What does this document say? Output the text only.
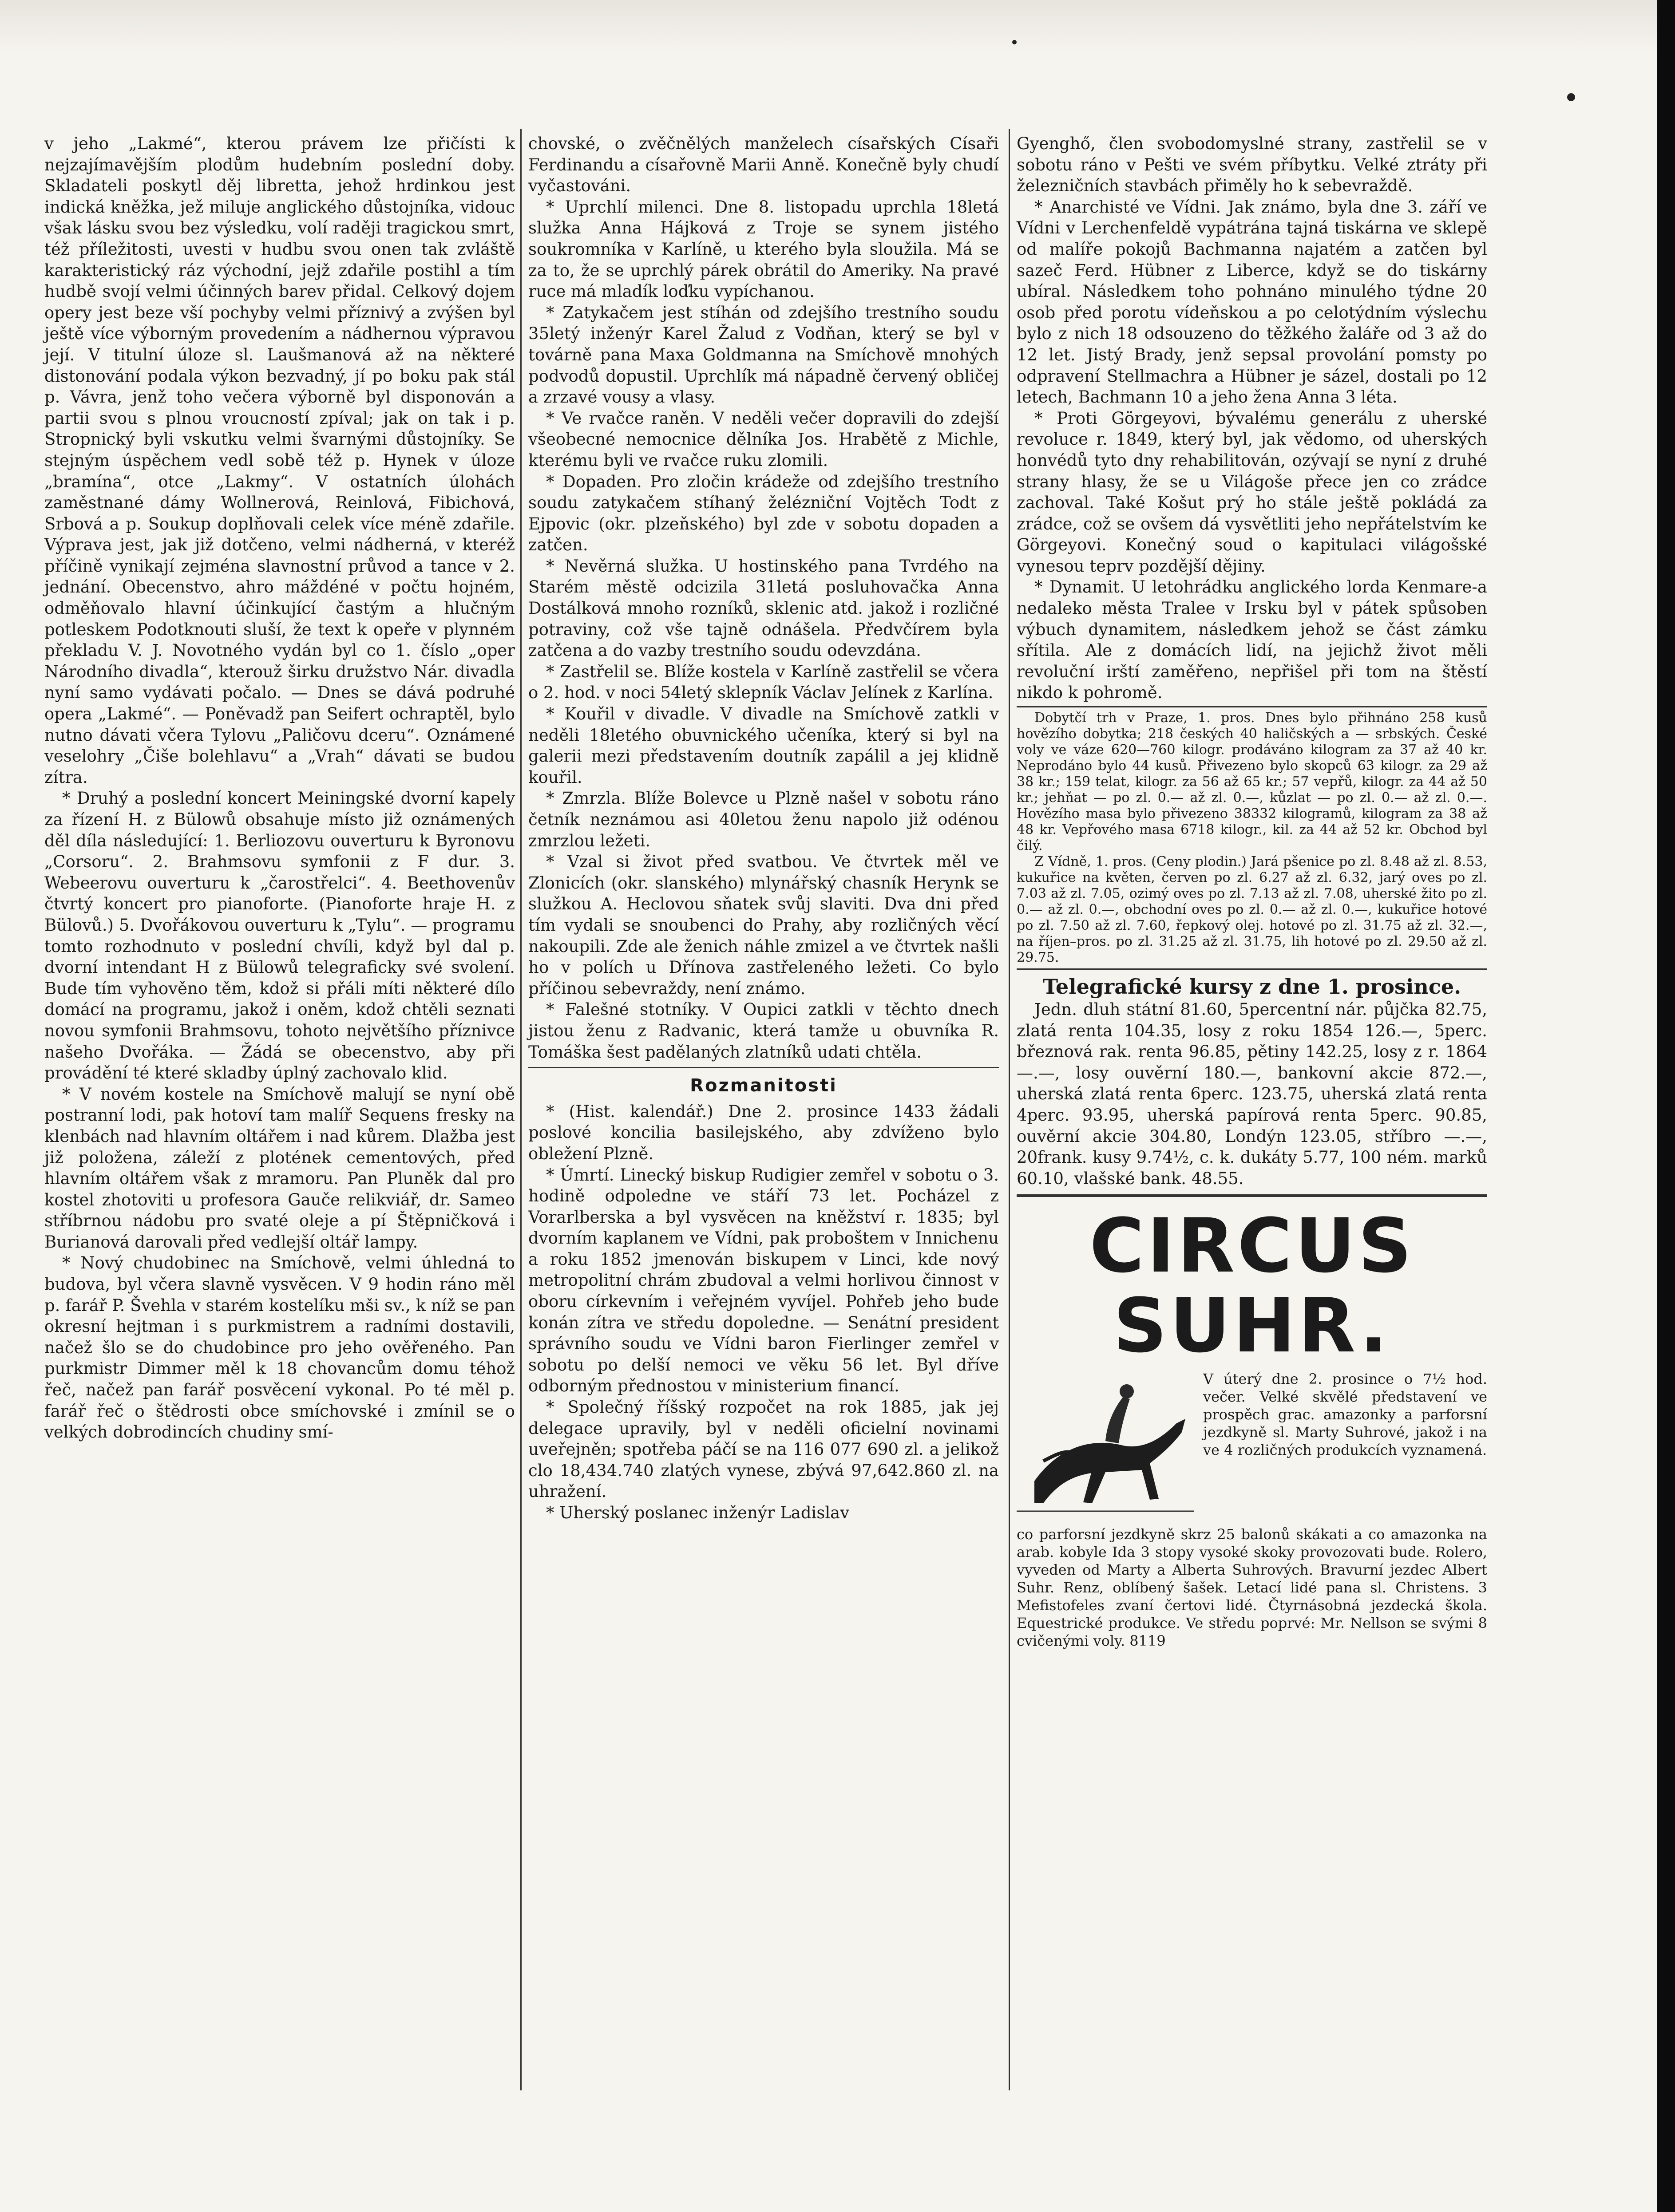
v jeho „Lakmé“, kterou právem lze přičísti k nejzajímavějším plodům hudebním poslední doby. Skladateli poskytl děj libretta, jehož hrdinkou jest indická kněžka, jež miluje anglického důstojníka, vidouc však lásku svou bez výsledku, volí raději tragickou smrt, též příležitosti, uvesti v hudbu svou onen tak zvláště karakteristický ráz východní, jejž zdařile postihl a tím hudbě svojí velmi účinných barev přidal. Celkový dojem opery jest beze vší pochyby velmi příznivý a zvýšen byl ještě více výborným provedením a nádhernou výpravou její. V titulní úloze sl. Laušmanová až na některé distonování podala výkon bezvadný, jí po boku pak stál p. Vávra, jenž toho večera výborně byl disponován a partii svou s plnou vroucností zpíval; jak on tak i p. Stropnický byli vskutku velmi švarnými důstojníky. Se stejným úspěchem vedl sobě též p. Hynek v úloze „bramína“, otce „Lakmy“. V ostatních úlohách zaměstnané dámy Wollnerová, Reinlová, Fibichová, Srbová a p. Soukup doplňovali celek více méně zdařile. Výprava jest, jak již dotčeno, velmi nádherná, v kteréž příčině vynikají zejména slavnostní průvod a tance v 2. jednání. Obecenstvo, ahro máždéné v počtu hojném, odměňovalo hlavní účinkující častým a hlučným potleskem Podotknouti sluší, že text k opeře v plynném překladu V. J. Novotného vydán byl co 1. číslo „oper Národního divadla“, kterouž širku družstvo Nár. divadla nyní samo vydávati počalo. — Dnes se dává podruhé opera „Lakmé“. — Poněvadž pan Seifert ochraptěl, bylo nutno dávati včera Tylovu „Paličovu dceru“. Oznámené veselohry „Čiše bolehlavu“ a „Vrah“ dávati se budou zítra.

* Druhý a poslední koncert Meiningské dvorní kapely za řízení H. z Bülowů obsahuje místo již oznámených děl díla následující: 1. Berliozovu ouverturu k Byronovu „Corsoru“. 2. Brahmsovu symfonii z F dur. 3. Webeerovu ouverturu k „čarostřelci“. 4. Beethovenův čtvrtý koncert pro pianoforte. (Pianoforte hraje H. z Bülovů.) 5. Dvořákovou ouverturu k „Tylu“. — programu tomto rozhodnuto v poslední chvíli, když byl dal p. dvorní intendant H z Bülowů telegraficky své svolení. Bude tím vyhověno těm, kdož si přáli míti některé dílo domácí na programu, jakož i oněm, kdož chtěli seznati novou symfonii Brahmsovu, tohoto největšího příznivce našeho Dvořáka. — Žádá se obecenstvo, aby při provádění té které skladby úplný zachovalo klid.

* V novém kostele na Smíchově malují se nyní obě postranní lodi, pak hotoví tam malíř Sequens fresky na klenbách nad hlavním oltářem i nad kůrem. Dlažba jest již položena, záleží z plotének cementových, před hlavním oltářem však z mramoru. Pan Pluněk dal pro kostel zhotoviti u profesora Gauče relikviář, dr. Sameo stříbrnou nádobu pro svaté oleje a pí Štěpničková i Burianová darovali před vedlejší oltář lampy.

* Nový chudobinec na Smíchově, velmi úhledná to budova, byl včera slavně vysvěcen. V 9 hodin ráno měl p. farář P. Švehla v starém kostelíku mši sv., k níž se pan okresní hejtman i s purkmistrem a radními dostavili, načež šlo se do chudobince pro jeho ověřeného. Pan purkmistr Dimmer měl k 18 chovancům domu téhož řeč, načež pan farář posvěcení vykonal. Po té měl p. farář řeč o štědrosti obce smíchovské i zmínil se o velkých dobrodincích chudiny smí-

chovské, o zvěčnělých manželech císařských Císaři Ferdinandu a císařovně Marii Anně. Konečně byly chudí vyčastováni.

* Uprchlí milenci. Dne 8. listopadu uprchla 18letá služka Anna Hájková z Troje se synem jistého soukromníka v Karlíně, u kterého byla sloužila. Má se za to, že se uprchlý párek obrátil do Ameriky. Na pravé ruce má mladík loďku vypíchanou.

* Zatykačem jest stíhán od zdejšího trestního soudu 35letý inženýr Karel Žalud z Vodňan, který se byl v továrně pana Maxa Goldmanna na Smíchově mnohých podvodů dopustil. Uprchlík má nápadně červený obličej a zrzavé vousy a vlasy.

* Ve rvačce raněn. V neděli večer dopravili do zdejší všeobecné nemocnice dělníka Jos. Hrabětě z Michle, kterému byli ve rvačce ruku zlomili.

* Dopaden. Pro zločin krádeže od zdejšího trestního soudu zatykačem stíhaný želézniční Vojtěch Todt z Ejpovic (okr. plzeňského) byl zde v sobotu dopaden a zatčen.

* Nevěrná služka. U hostinského pana Tvrdého na Starém městě odcizila 31letá posluhovačka Anna Dostálková mnoho rozníků, sklenic atd. jakož i rozličné potraviny, což vše tajně odnášela. Předvčírem byla zatčena a do vazby trestního soudu odevzdána.

* Zastřelil se. Blíže kostela v Karlíně zastřelil se včera o 2. hod. v noci 54letý sklepník Václav Jelínek z Karlína.

* Kouřil v divadle. V divadle na Smíchově zatkli v neděli 18letého obuvnického učeníka, který si byl na galerii mezi představením doutník zapálil a jej klidně kouřil.

* Zmrzla. Blíže Bolevce u Plzně našel v sobotu ráno četník neznámou asi 40letou ženu napolo již odénou zmrzlou ležeti.

* Vzal si život před svatbou. Ve čtvrtek měl ve Zlonicích (okr. slanského) mlynářský chasník Herynk se služkou A. Heclovou sňatek svůj slaviti. Dva dni před tím vydali se snoubenci do Prahy, aby rozličných věcí nakoupili. Zde ale ženich náhle zmizel a ve čtvrtek našli ho v polích u Dřínova zastřeleného ležeti. Co bylo příčinou sebevraždy, není známo.

* Falešné stotníky. V Oupici zatkli v těchto dnech jistou ženu z Radvanic, která tamže u obuvníka R. Tomáška šest padělaných zlatníků udati chtěla.

Rozmanitosti

* (Hist. kalendář.) Dne 2. prosince 1433 žádali poslové koncilia basilejského, aby zdvíženo bylo obležení Plzně.

* Úmrtí. Linecký biskup Rudigier zemřel v sobotu o 3. hodině odpoledne ve stáří 73 let. Pocházel z Vorarlberska a byl vysvěcen na kněžství r. 1835; byl dvorním kaplanem ve Vídni, pak proboštem v Innichenu a roku 1852 jmenován biskupem v Linci, kde nový metropolitní chrám zbudoval a velmi horlivou činnost v oboru církevním i veřejném vyvíjel. Pohřeb jeho bude konán zítra ve středu dopoledne. — Senátní president správního soudu ve Vídni baron Fierlinger zemřel v sobotu po delší nemoci ve věku 56 let. Byl dříve odborným přednostou v ministerium financí.

* Společný říšský rozpočet na rok 1885, jak jej delegace upravily, byl v neděli oficielní novinami uveřejněn; spotřeba páčí se na 116 077 690 zl. a jelikož clo 18,434.740 zlatých vynese, zbývá 97,642.860 zl. na uhražení.

* Uherský poslanec inženýr Ladislav

Gyenghő, člen svobodomyslné strany, zastřelil se v sobotu ráno v Pešti ve svém příbytku. Velké ztráty při železničních stavbách přiměly ho k sebevraždě.

* Anarchisté ve Vídni. Jak známo, byla dne 3. září ve Vídni v Lerchenfeldě vypátrána tajná tiskárna ve sklepě od malíře pokojů Bachmanna najatém a zatčen byl sazeč Ferd. Hübner z Liberce, když se do tiskárny ubíral. Následkem toho pohnáno minulého týdne 20 osob před porotu vídeňskou a po celotýdním výslechu bylo z nich 18 odsouzeno do těžkého žaláře od 3 až do 12 let. Jistý Brady, jenž sepsal provolání pomsty po odpravení Stellmachra a Hübner je sázel, dostali po 12 letech, Bachmann 10 a jeho žena Anna 3 léta.

* Proti Görgeyovi, bývalému generálu z uherské revoluce r. 1849, který byl, jak vědomo, od uherských honvédů tyto dny rehabilitován, ozývají se nyní z druhé strany hlasy, že se u Világoše přece jen co zrádce zachoval. Také Košut prý ho stále ještě pokládá za zrádce, což se ovšem dá vysvětliti jeho nepřátelstvím ke Görgeyovi. Konečný soud o kapitulaci világošské vynesou teprv pozdější dějiny.

* Dynamit. U letohrádku anglického lorda Kenmare-a nedaleko města Tralee v Irsku byl v pátek spůsoben výbuch dynamitem, následkem jehož se část zámku sřítila. Ale z domácích lidí, na jejichž život měli revoluční irští zaměřeno, nepřišel při tom na štěstí nikdo k pohromě.

Dobytčí trh v Praze, 1. pros. Dnes bylo přihnáno 258 kusů hovězího dobytka; 218 českých 40 haličských a — srbských. České voly ve váze 620—760 kilogr. prodáváno kilogram za 37 až 40 kr. Neprodáno bylo 44 kusů. Přivezeno bylo skopců 63 kilogr. za 29 až 38 kr.; 159 telat, kilogr. za 56 až 65 kr.; 57 vepřů, kilogr. za 44 až 50 kr.; jehňat — po zl. 0.— až zl. 0.—, kůzlat — po zl. 0.— až zl. 0.—. Hovězího masa bylo přivezeno 38332 kilogramů, kilogram za 38 až 48 kr. Vepřového masa 6718 kilogr., kil. za 44 až 52 kr. Obchod byl čilý.

Z Vídně, 1. pros. (Ceny plodin.) Jará pšenice po zl. 8.48 až zl. 8.53, kukuřice na květen, červen po zl. 6.27 až zl. 6.32, jarý oves po zl. 7.03 až zl. 7.05, ozimý oves po zl. 7.13 až zl. 7.08, uherské žito po zl. 0.— až zl. 0.—, obchodní oves po zl. 0.— až zl. 0.—, kukuřice hotové po zl. 7.50 až zl. 7.60, řepkový olej. hotové po zl. 31.75 až zl. 32.—, na říjen–pros. po zl. 31.25 až zl. 31.75, lih hotové po zl. 29.50 až zl. 29.75.

Telegrafické kursy z dne 1. prosince.

Jedn. dluh státní 81.60, 5percentní nár. půjčka 82.75, zlatá renta 104.35, losy z roku 1854 126.—, 5perc. březnová rak. renta 96.85, pětiny 142.25, losy z r. 1864 —.—, losy ouvěrní 180.—, bankovní akcie 872.—, uherská zlatá renta 6perc. 123.75, uherská zlatá renta 4perc. 93.95, uherská papírová renta 5perc. 90.85, ouvěrní akcie 304.80, Londýn 123.05, stříbro —.—, 20frank. kusy 9.74½, c. k. dukáty 5.77, 100 ném. marků 60.10, vlašské bank. 48.55.

CIRCUS SUHR.
V úterý dne 2. prosince o 7½ hod. večer. Velké skvělé představení ve prospěch grac. amazonky a parforsní jezdkyně sl. Marty Suhrové, jakož i na ve 4 rozličných produkcích vyznamená.
co parforsní jezdkyně skrz 25 balonů skákati a co amazonka na arab. kobyle Ida 3 stopy vysoké skoky provozovati bude. Rolero, vyveden od Marty a Alberta Suhrových. Bravurní jezdec Albert Suhr. Renz, oblíbený šašek. Letací lidé pana sl. Christens. 3 Mefistofeles zvaní čertovi lidé. Čtyrnásobná jezdecká škola. Equestrické produkce. Ve středu poprvé: Mr. Nellson se svými 8 cvičenými voly. 8119
